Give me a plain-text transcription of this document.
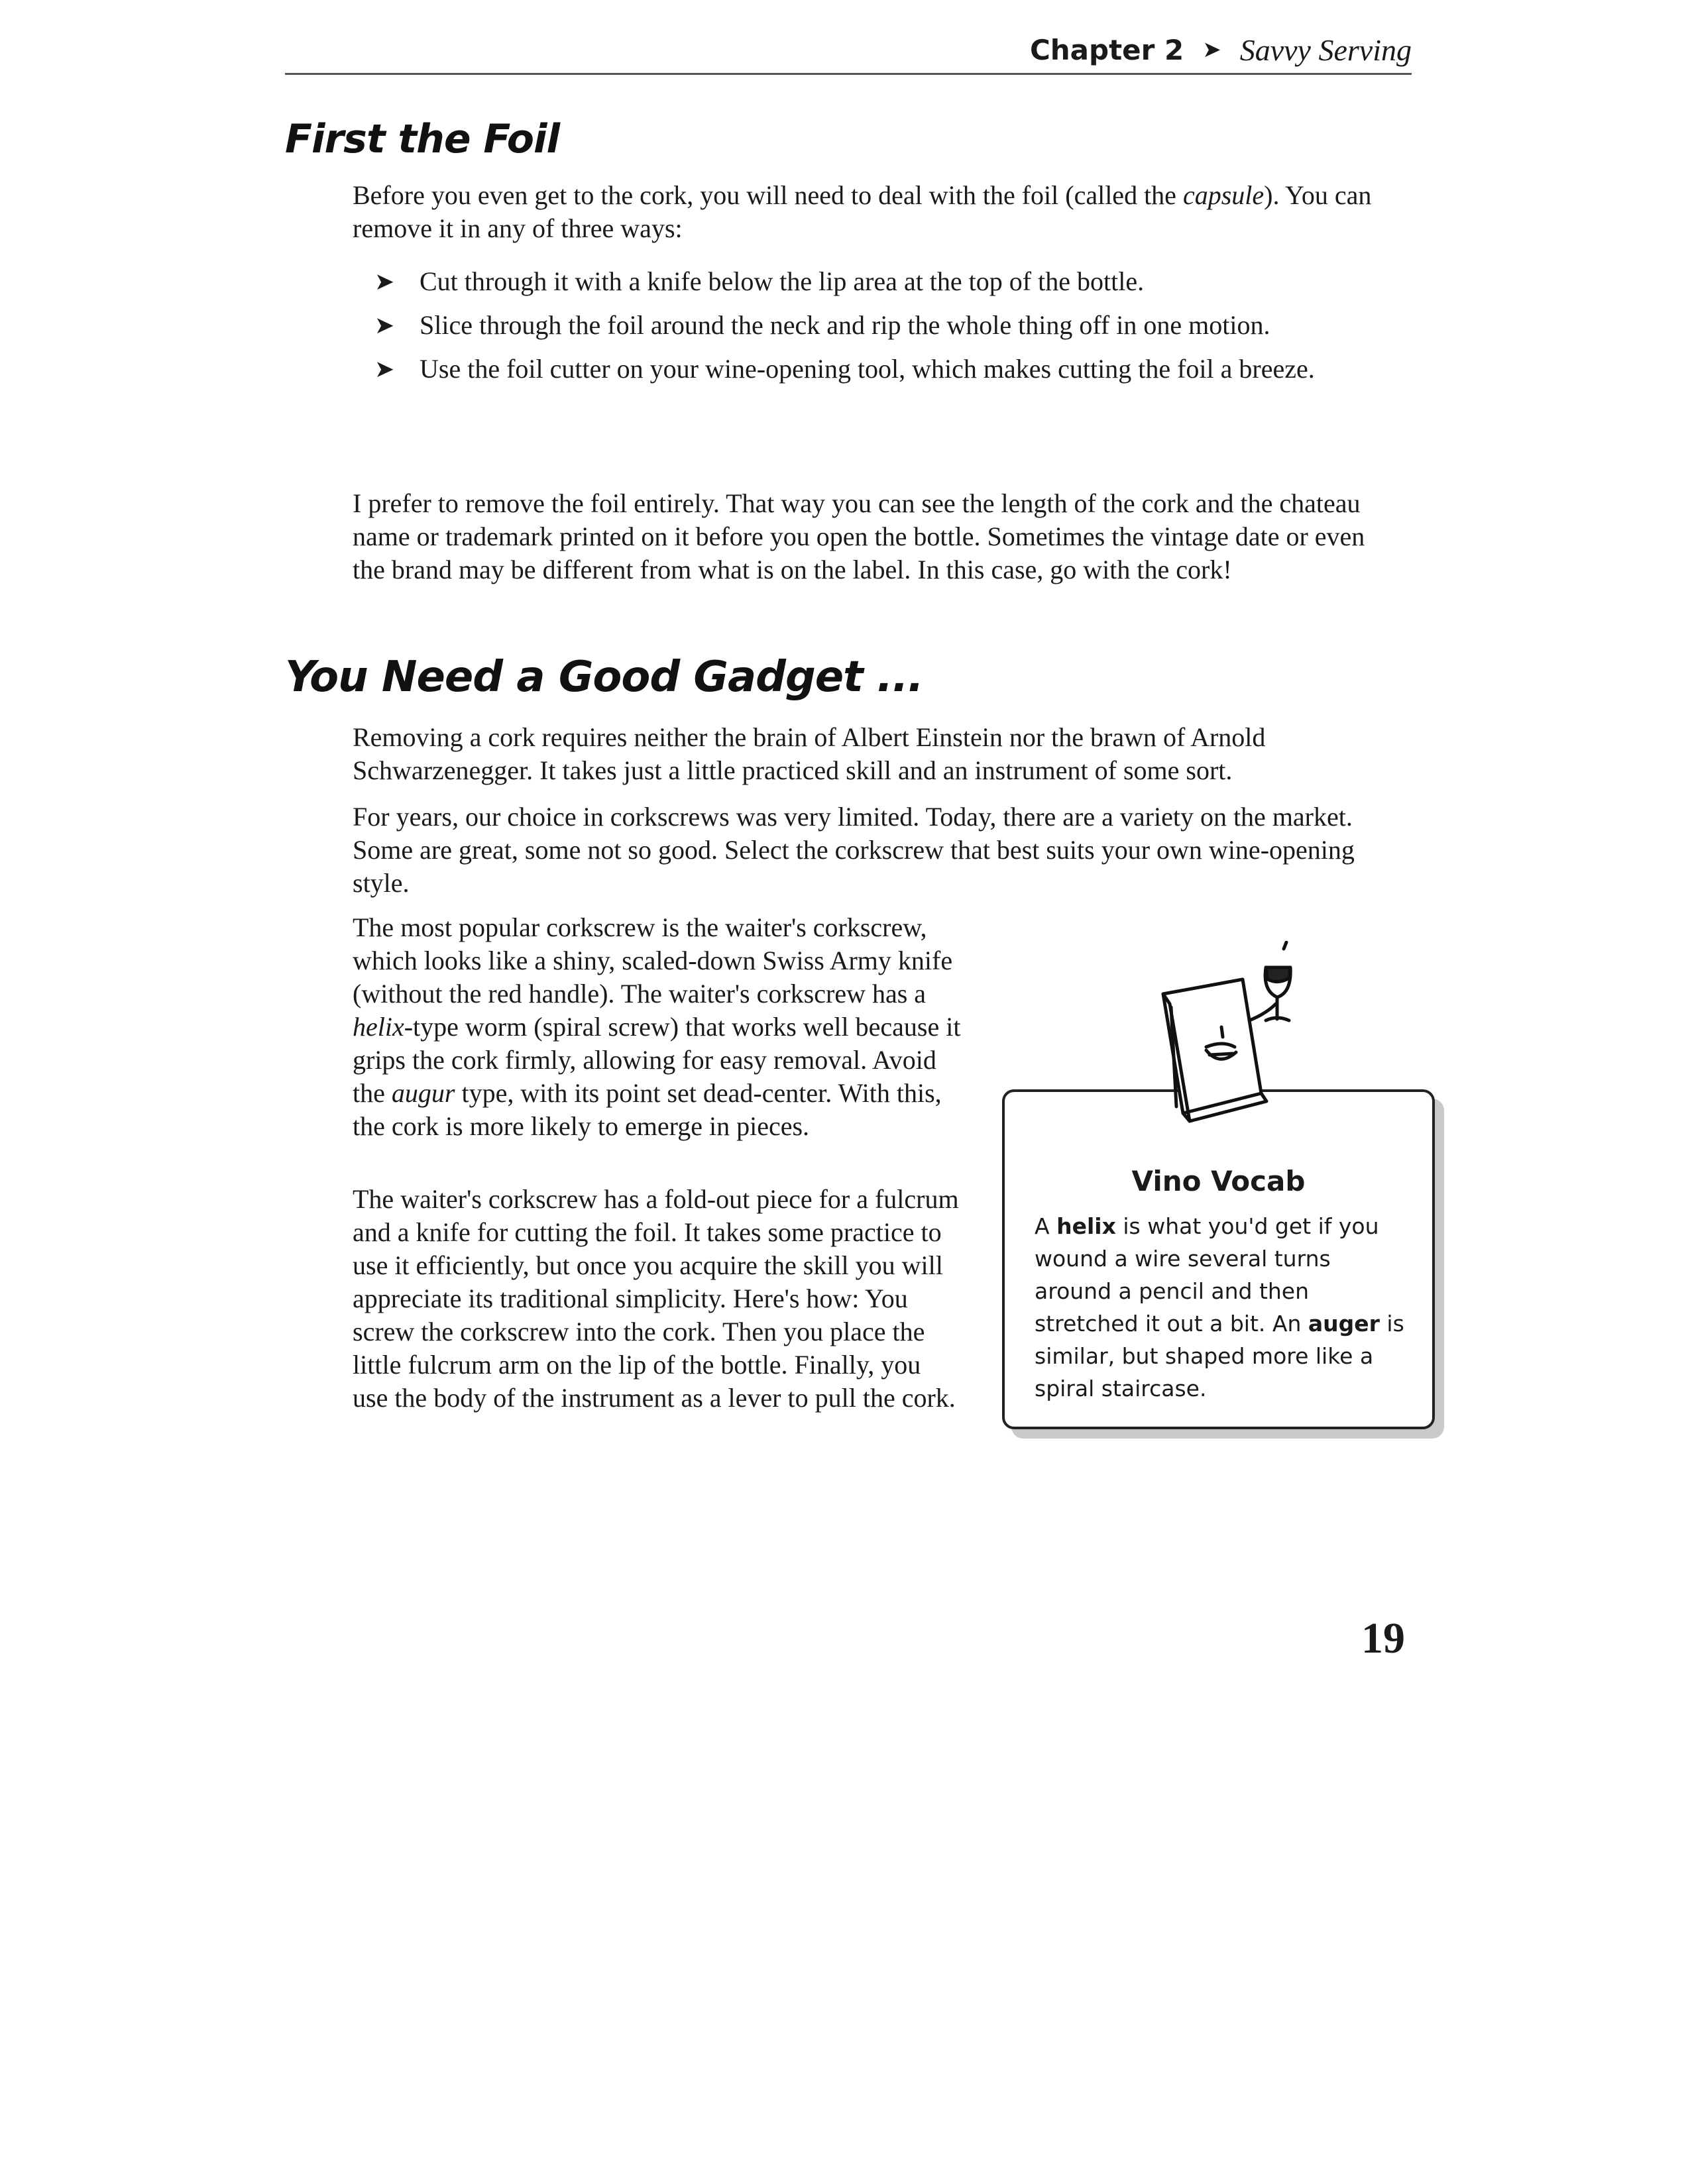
Chapter 2 ➤ Savvy Serving
First the Foil

Before you even get to the cork, you will need to deal with the foil (called the capsule). You can remove it in any of three ways:

➤ Cut through it with a knife below the lip area at the top of the bottle.
➤ Slice through the foil around the neck and rip the whole thing off in one motion.
➤ Use the foil cutter on your wine-opening tool, which makes cutting the foil a breeze.

I prefer to remove the foil entirely. That way you can see the length of the cork and the chateau name or trademark printed on it before you open the bottle. Sometimes the vintage date or even the brand may be different from what is on the label. In this case, go with the cork!

You Need a Good Gadget ...

Removing a cork requires neither the brain of Albert Einstein nor the brawn of Arnold Schwarzenegger. It takes just a little practiced skill and an instrument of some sort.

For years, our choice in corkscrews was very limited. Today, there are a variety on the market. Some are great, some not so good. Select the corkscrew that best suits your own wine-opening style.

The most popular corkscrew is the waiter's corkscrew, which looks like a shiny, scaled-down Swiss Army knife (without the red handle). The waiter's corkscrew has a helix-type worm (spiral screw) that works well because it grips the cork firmly, allowing for easy removal. Avoid the augur type, with its point set dead-center. With this, the cork is more likely to emerge in pieces.

The waiter's corkscrew has a fold-out piece for a fulcrum and a knife for cutting the foil. It takes some practice to use it efficiently, but once you acquire the skill you will appreciate its traditional simplicity. Here's how: You screw the corkscrew into the cork. Then you place the little fulcrum arm on the lip of the bottle. Finally, you use the body of the instrument as a lever to pull the cork.

Vino Vocab

A helix is what you'd get if you wound a wire several turns around a pencil and then stretched it out a bit. An auger is similar, but shaped more like a spiral staircase.

19
